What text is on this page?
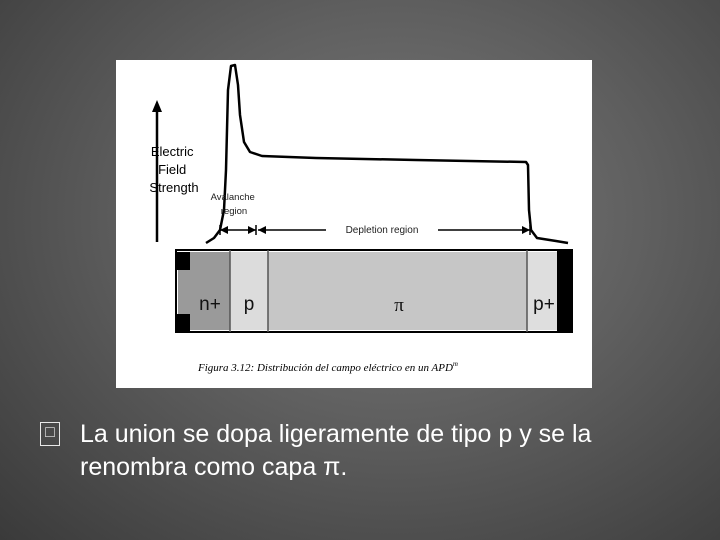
Electric Field Strength
Avalanche region
Depletion region
n+ p	π	p+
Figura 3.12: Distribución del campo eléctrico en un APD$^m$
□ La union se dopa ligeramente de tipo p y se la renombra como capa π.
